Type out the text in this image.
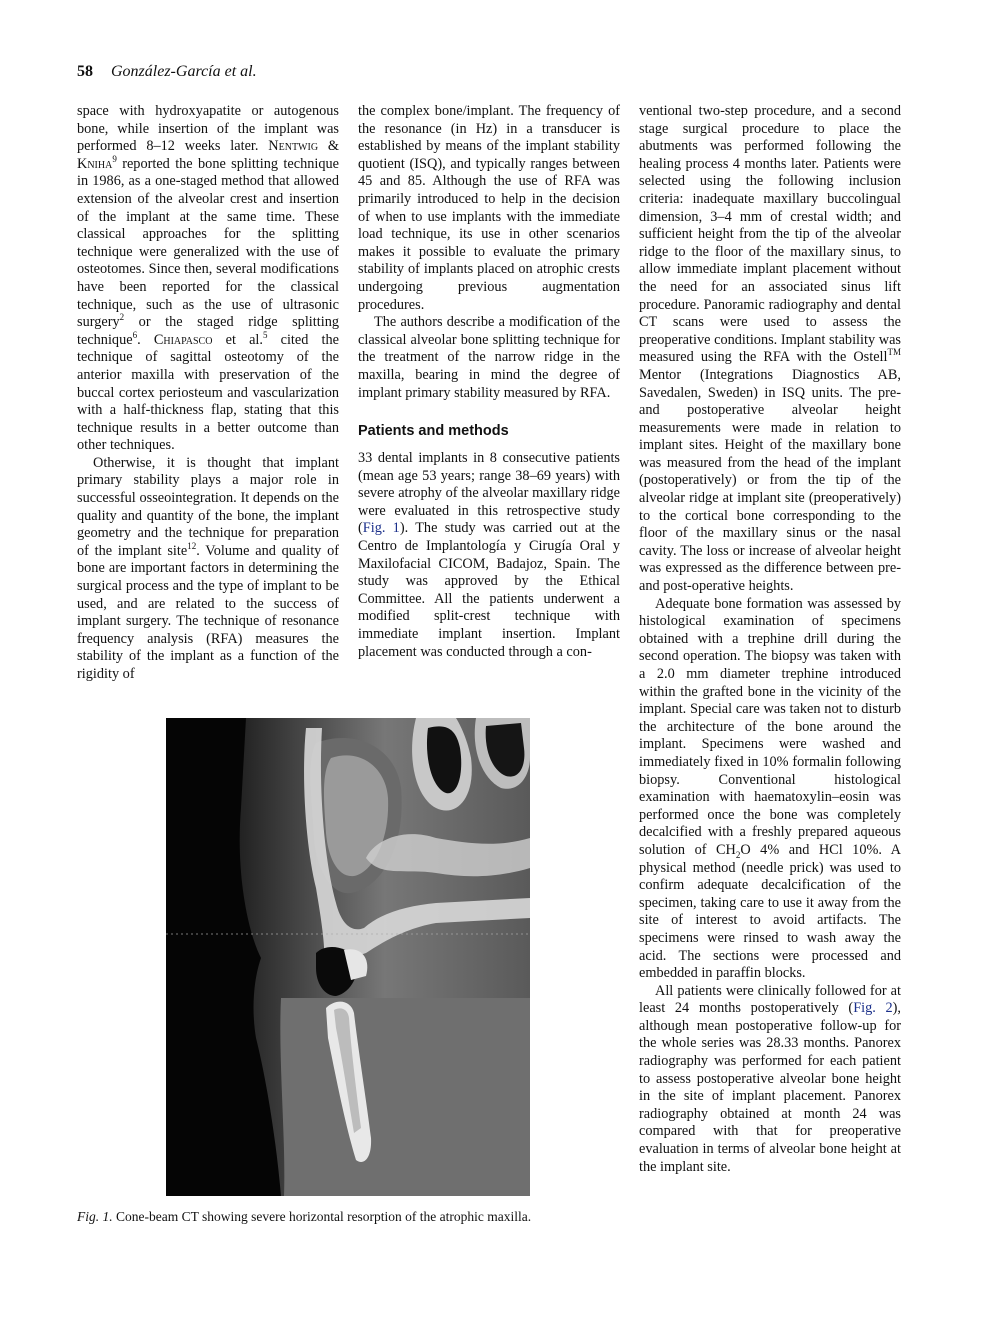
58 González-García et al.

space with hydroxyapatite or autogenous bone, while insertion of the implant was performed 8–12 weeks later. Nentwig & Kniha$^9$ reported the bone splitting technique in 1986, as a one-staged method that allowed extension of the alveolar crest and insertion of the implant at the same time. These classical approaches for the splitting technique were generalized with the use of osteotomes. Since then, several modifications have been reported for the classical technique, such as the use of ultrasonic surgery$^2$ or the staged ridge splitting technique$^6$. Chiapasco et al.$^5$ cited the technique of sagittal osteotomy of the anterior maxilla with preservation of the buccal cortex periosteum and vascularization with a half-thickness flap, stating that this technique results in a better outcome than other techniques.

Otherwise, it is thought that implant primary stability plays a major role in successful osseointegration. It depends on the quality and quantity of the bone, the implant geometry and the technique for preparation of the implant site$^{12}$. Volume and quality of bone are important factors in determining the surgical process and the type of implant to be used, and are related to the success of implant surgery. The technique of resonance frequency analysis (RFA) measures the stability of the implant as a function of the rigidity of

the complex bone/implant. The frequency of the resonance (in Hz) in a transducer is established by means of the implant stability quotient (ISQ), and typically ranges between 45 and 85. Although the use of RFA was primarily introduced to help in the decision of when to use implants with the immediate load technique, its use in other scenarios makes it possible to evaluate the primary stability of implants placed on atrophic crests undergoing previous augmentation procedures.

The authors describe a modification of the classical alveolar bone splitting technique for the treatment of the narrow ridge in the maxilla, bearing in mind the degree of implant primary stability measured by RFA.

Patients and methods

33 dental implants in 8 consecutive patients (mean age 53 years; range 38–69 years) with severe atrophy of the alveolar maxillary ridge were evaluated in this retrospective study (Fig. 1). The study was carried out at the Centro de Implantología y Cirugía Oral y Maxilofacial CICOM, Badajoz, Spain. The study was approved by the Ethical Committee. All the patients underwent a modified split-crest technique with immediate implant insertion. Implant placement was conducted through a con-

ventional two-step procedure, and a second stage surgical procedure to place the abutments was performed following the healing process 4 months later. Patients were selected using the following inclusion criteria: inadequate maxillary buccolingual dimension, 3–4 mm of crestal width; and sufficient height from the tip of the alveolar ridge to the floor of the maxillary sinus, to allow immediate implant placement without the need for an associated sinus lift procedure. Panoramic radiography and dental CT scans were used to assess the preoperative conditions. Implant stability was measured using the RFA with the Ostell™ Mentor (Integrations Diagnostics AB, Savedalen, Sweden) in ISQ units. The pre- and postoperative alveolar height measurements were made in relation to implant sites. Height of the maxillary bone was measured from the head of the implant (postoperatively) or from the tip of the alveolar ridge at implant site (preoperatively) to the cortical bone corresponding to the floor of the maxillary sinus or the nasal cavity. The loss or increase of alveolar height was expressed as the difference between pre- and post-operative heights.

Adequate bone formation was assessed by histological examination of specimens obtained with a trephine drill during the second operation. The biopsy was taken with a 2.0 mm diameter trephine introduced within the grafted bone in the vicinity of the implant. Special care was taken not to disturb the architecture of the bone around the implant. Specimens were washed and immediately fixed in 10% formalin following biopsy. Conventional histological examination with haematoxylin–eosin was performed once the bone was completely decalcified with a freshly prepared aqueous solution of $CH_2O$ 4% and HCl 10%. A physical method (needle prick) was used to confirm adequate decalcification of the specimen, taking care to use it away from the site of interest to avoid artifacts. The specimens were rinsed to wash away the acid. The sections were processed and embedded in paraffin blocks.

All patients were clinically followed for at least 24 months postoperatively (Fig. 2), although mean postoperative follow-up for the whole series was 28.33 months. Panorex radiography was performed for each patient to assess postoperative alveolar bone height in the site of implant placement. Panorex radiography obtained at month 24 was compared with that for preoperative evaluation in terms of alveolar bone height at the implant site.

Fig. 1. Cone-beam CT showing severe horizontal resorption of the atrophic maxilla.
